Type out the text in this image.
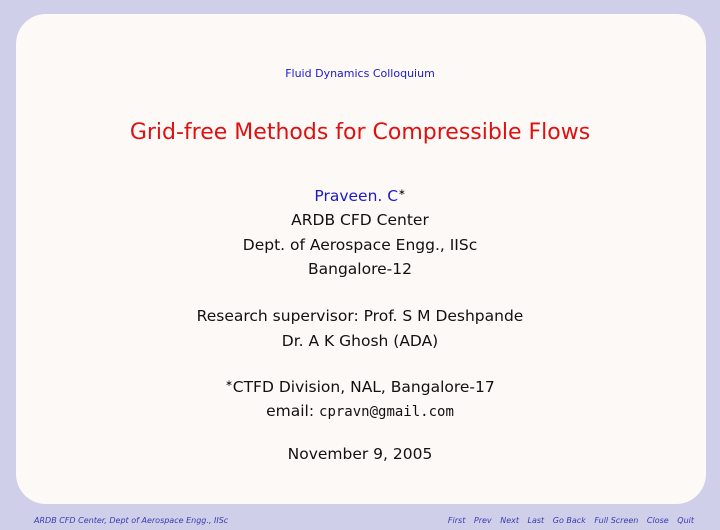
Fluid Dynamics Colloquium
Grid-free Methods for Compressible Flows
Praveen. C∗
ARDB CFD Center
Dept. of Aerospace Engg., IISc
Bangalore-12
Research supervisor: Prof. S M Deshpande
Dr. A K Ghosh (ADA)
∗CTFD Division, NAL, Bangalore-17
email: cpravn@gmail.com
November 9, 2005
ARDB CFD Center, Dept of Aerospace Engg., IISc	First Prev Next Last Go Back Full Screen Close Quit
